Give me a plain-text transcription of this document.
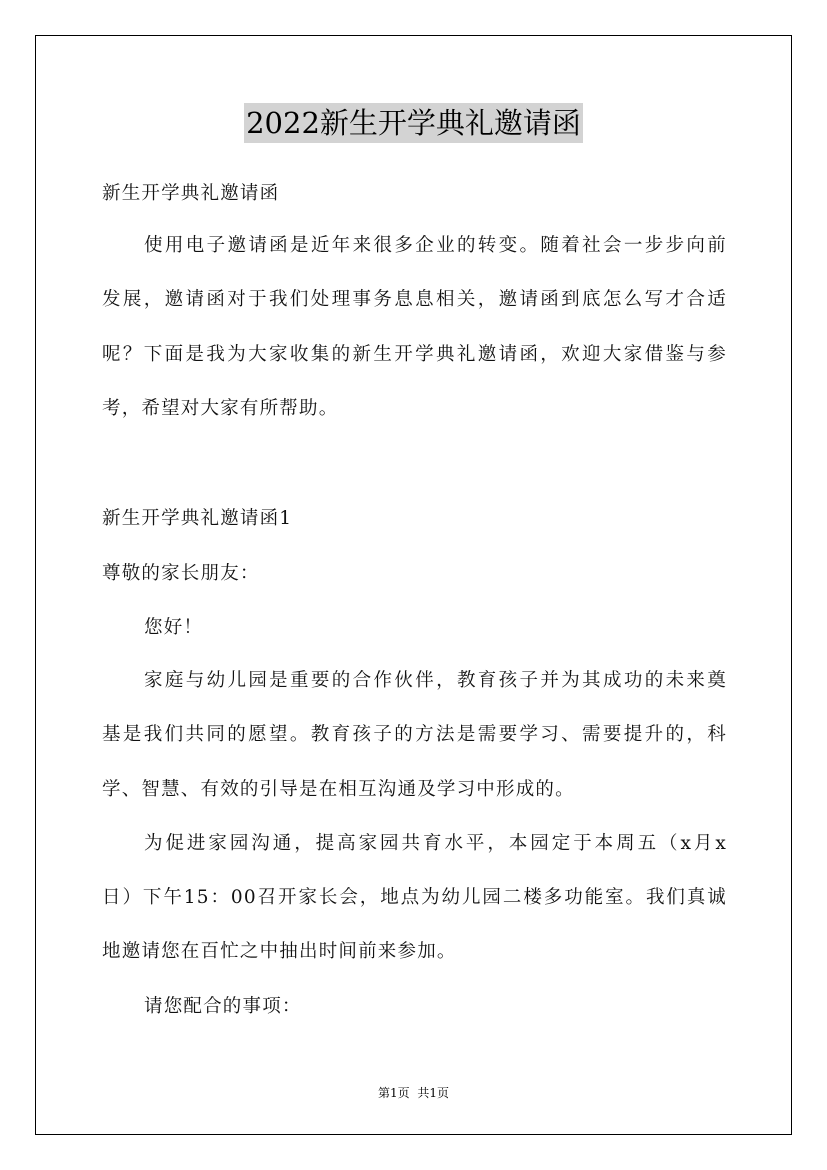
2022新生开学典礼邀请函
新生开学典礼邀请函
使用电子邀请函是近年来很多企业的转变。随着社会一步步向前
发展，邀请函对于我们处理事务息息相关，邀请函到底怎么写才合适
呢？下面是我为大家收集的新生开学典礼邀请函，欢迎大家借鉴与参
考，希望对大家有所帮助。
新生开学典礼邀请函1
尊敬的家长朋友：
您好！
家庭与幼儿园是重要的合作伙伴，教育孩子并为其成功的未来奠
基是我们共同的愿望。教育孩子的方法是需要学习、需要提升的，科
学、智慧、有效的引导是在相互沟通及学习中形成的。
为促进家园沟通，提高家园共育水平，本园定于本周五（x月x
日）下午15：00召开家长会，地点为幼儿园二楼多功能室。我们真诚
地邀请您在百忙之中抽出时间前来参加。
请您配合的事项：
第1页 共1页
